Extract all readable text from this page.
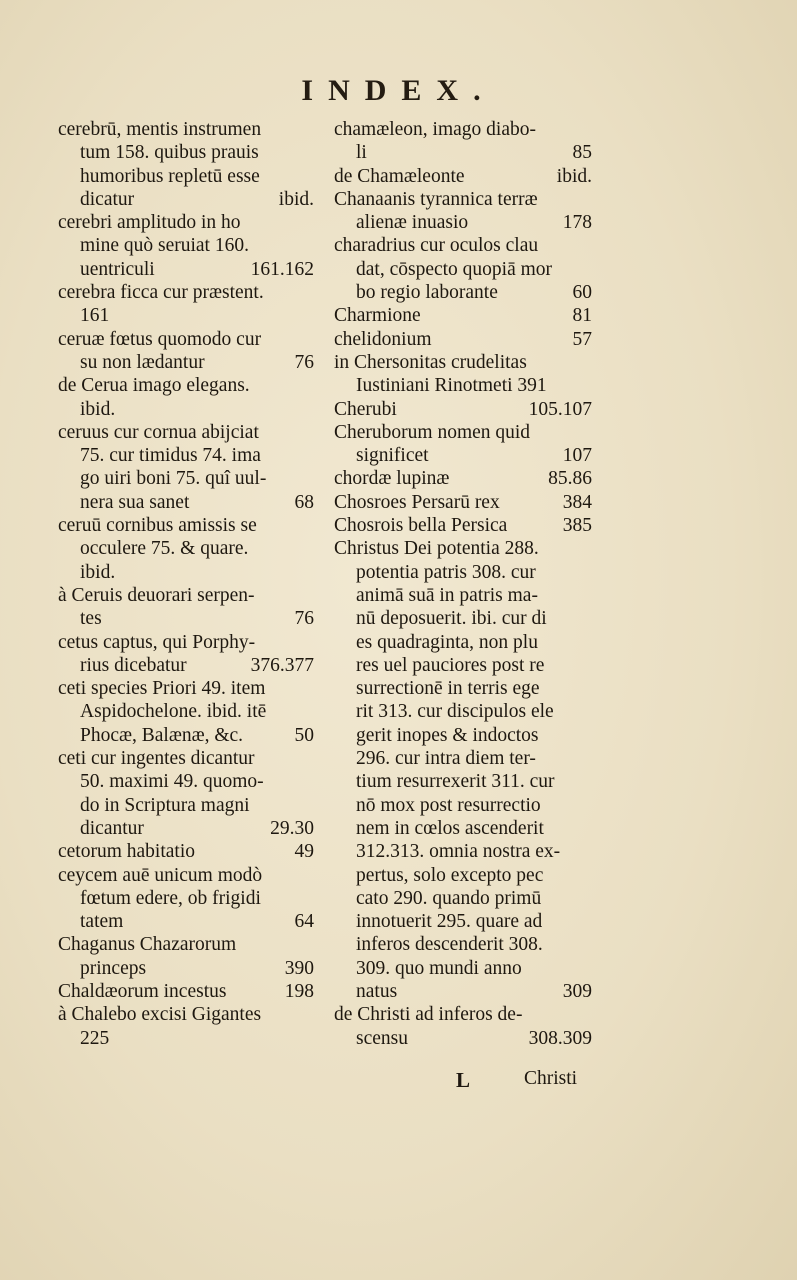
INDEX.
cerebrū, mentis instrumen
tum 158. quibus prauis
humoribus repletū esse
dicatur	ibid.
cerebri amplitudo in ho
mine quò seruiat 160.
uentriculi	161.162
cerebra ficca cur præstent.
161
ceruæ fœtus quomodo cur
su non lædantur	76
de Cerua imago elegans.
ibid.
ceruus cur cornua abijciat
75. cur timidus 74. ima
go uiri boni 75. quî uul-
nera sua sanet	68
ceruū cornibus amissis se
occulere 75. & quare.
ibid.
à Ceruis deuorari serpen-
tes	76
cetus captus, qui Porphy-
rius dicebatur	376.377
ceti species Priori 49. item
Aspidochelone. ibid. itē
Phocæ, Balænæ, &c.	50
ceti cur ingentes dicantur
50. maximi 49. quomo-
do in Scriptura magni
dicantur	29.30
cetorum habitatio	49
ceycem auē unicum modò
fœtum edere, ob frigidi
tatem	64
Chaganus Chazarorum
princeps	390
Chaldæorum incestus	198
à Chalebo excisi Gigantes
225
chamæleon, imago diabo-
li	85
de Chamæleonte	ibid.
Chanaanis tyrannica terræ
alienæ inuasio	178
charadrius cur oculos clau
dat, cōspecto quopiā mor
bo regio laborante	60
Charmione	81
chelidonium	57
in Chersonitas crudelitas
Iustiniani Rinotmeti 391
Cherubi	105.107
Cheruborum nomen quid
significet	107
chordæ lupinæ	85.86
Chosroes Persarū rex	384
Chosrois bella Persica	385
Christus Dei potentia 288.
potentia patris 308. cur
animā suā in patris ma-
nū deposuerit. ibi. cur di
es quadraginta, non plu
res uel pauciores post re
surrectionē in terris ege
rit 313. cur discipulos ele
gerit inopes & indoctos
296. cur intra diem ter-
tium resurrexerit 311. cur
nō mox post resurrectio
nem in cœlos ascenderit
312.313. omnia nostra ex-
pertus, solo excepto pec
cato 290. quando primū
innotuerit 295. quare ad
inferos descenderit 308.
309. quo mundi anno
natus	309
de Christi ad inferos de-
scensu	308.309
L	Christi
